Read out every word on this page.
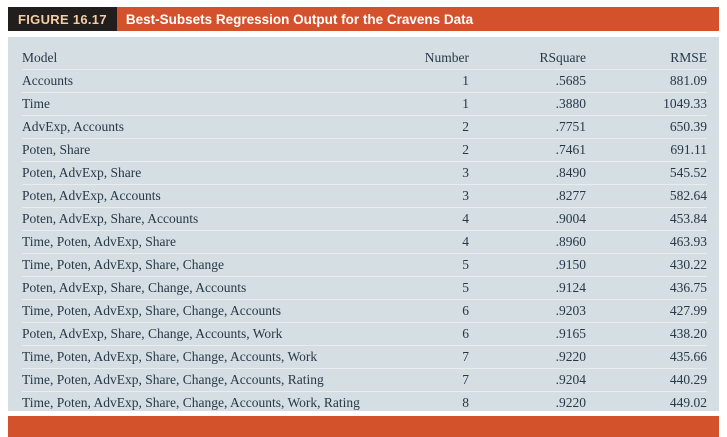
FIGURE 16.17	Best-Subsets Regression Output for the Cravens Data
Model	Number	RSquare	RMSE
Accounts	1	.5685	881.09
Time	1	.3880	1049.33
AdvExp, Accounts	2	.7751	650.39
Poten, Share	2	.7461	691.11
Poten, AdvExp, Share	3	.8490	545.52
Poten, AdvExp, Accounts	3	.8277	582.64
Poten, AdvExp, Share, Accounts	4	.9004	453.84
Time, Poten, AdvExp, Share	4	.8960	463.93
Time, Poten, AdvExp, Share, Change	5	.9150	430.22
Poten, AdvExp, Share, Change, Accounts	5	.9124	436.75
Time, Poten, AdvExp, Share, Change, Accounts	6	.9203	427.99
Poten, AdvExp, Share, Change, Accounts, Work	6	.9165	438.20
Time, Poten, AdvExp, Share, Change, Accounts, Work	7	.9220	435.66
Time, Poten, AdvExp, Share, Change, Accounts, Rating	7	.9204	440.29
Time, Poten, AdvExp, Share, Change, Accounts, Work, Rating	8	.9220	449.02
